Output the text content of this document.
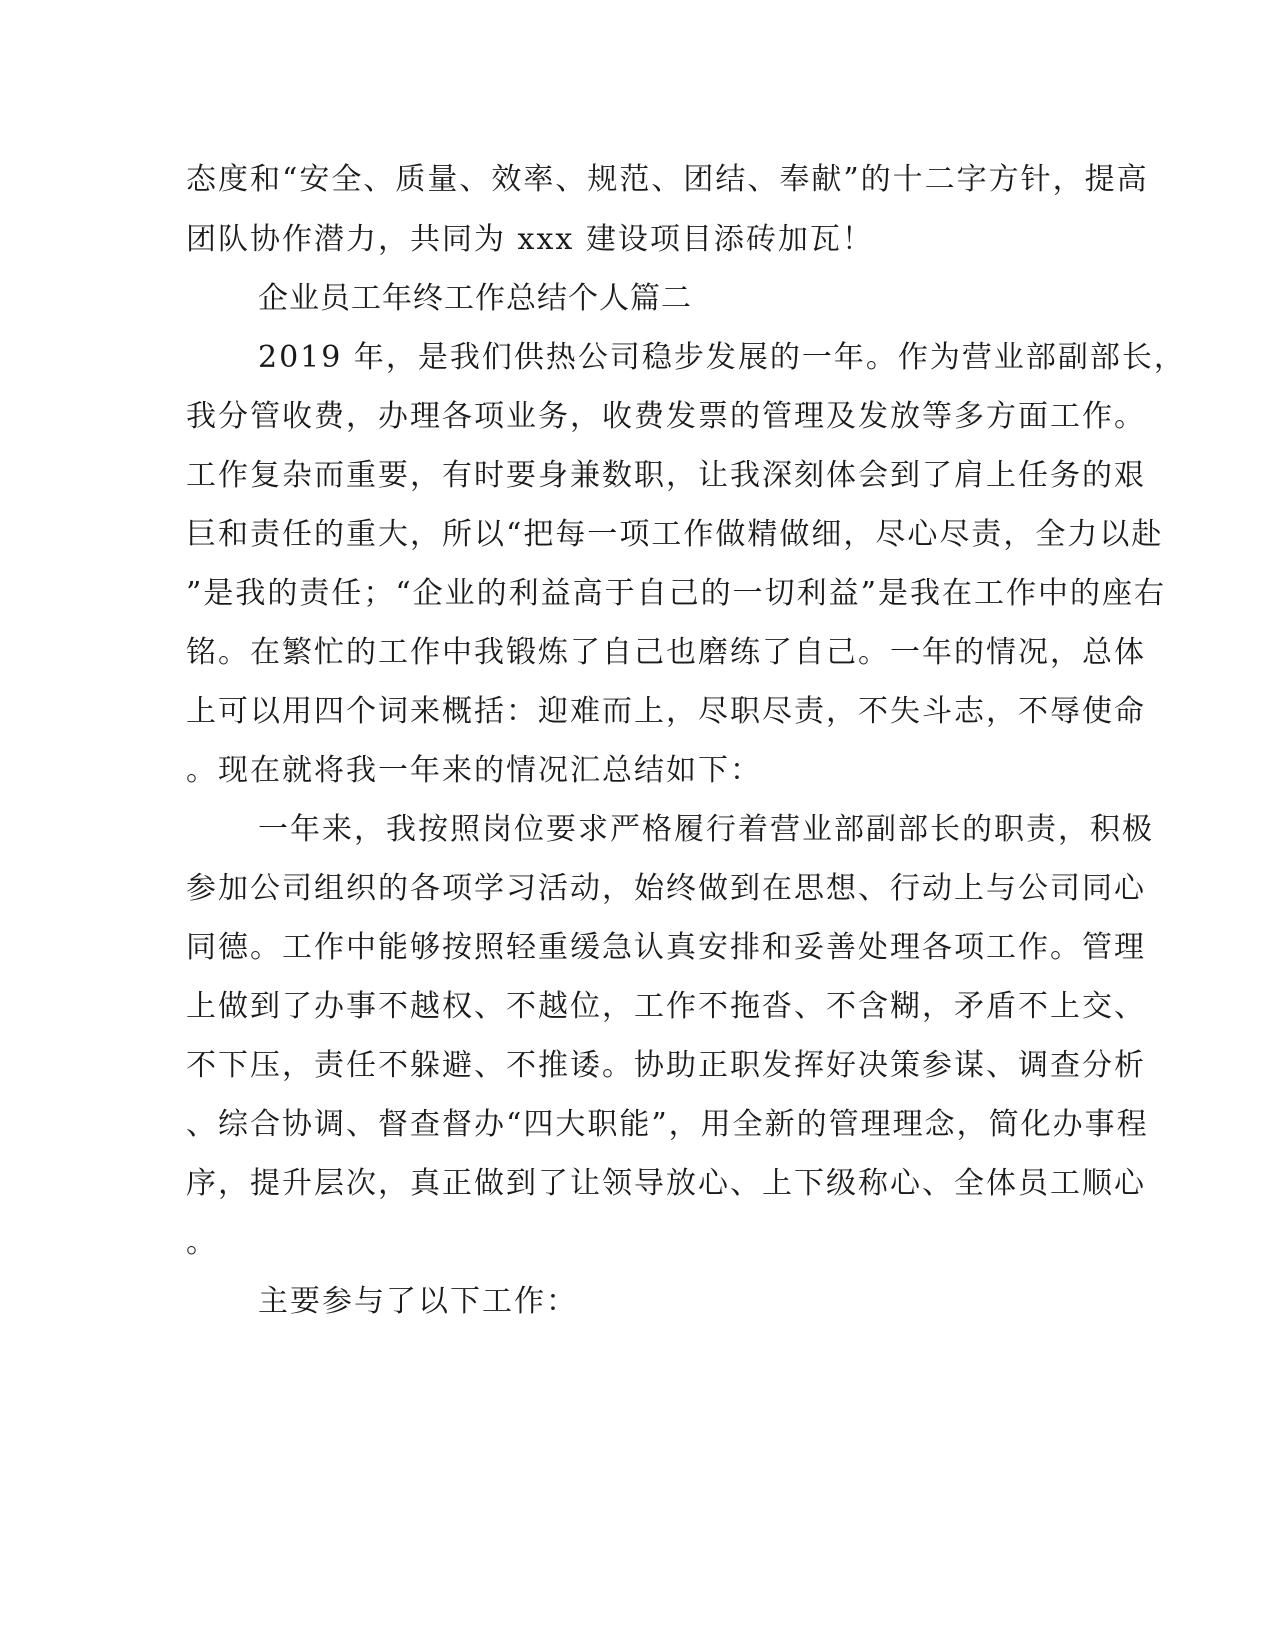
态度和“安全、质量、效率、规范、团结、奉献”的十二字方针，提高
团队协作潜力，共同为 xxx 建设项目添砖加瓦！
企业员工年终工作总结个人篇二
2019 年，是我们供热公司稳步发展的一年。作为营业部副部长，
我分管收费，办理各项业务，收费发票的管理及发放等多方面工作。
工作复杂而重要，有时要身兼数职，让我深刻体会到了肩上任务的艰
巨和责任的重大，所以“把每一项工作做精做细，尽心尽责，全力以赴
”是我的责任；“企业的利益高于自己的一切利益”是我在工作中的座右
铭。在繁忙的工作中我锻炼了自己也磨练了自己。一年的情况，总体
上可以用四个词来概括：迎难而上，尽职尽责，不失斗志，不辱使命
。现在就将我一年来的情况汇总结如下：
一年来，我按照岗位要求严格履行着营业部副部长的职责，积极
参加公司组织的各项学习活动，始终做到在思想、行动上与公司同心
同德。工作中能够按照轻重缓急认真安排和妥善处理各项工作。管理
上做到了办事不越权、不越位，工作不拖沓、不含糊，矛盾不上交、
不下压，责任不躲避、不推诿。协助正职发挥好决策参谋、调查分析
、综合协调、督查督办“四大职能”，用全新的管理理念，简化办事程
序，提升层次，真正做到了让领导放心、上下级称心、全体员工顺心
。
主要参与了以下工作：
